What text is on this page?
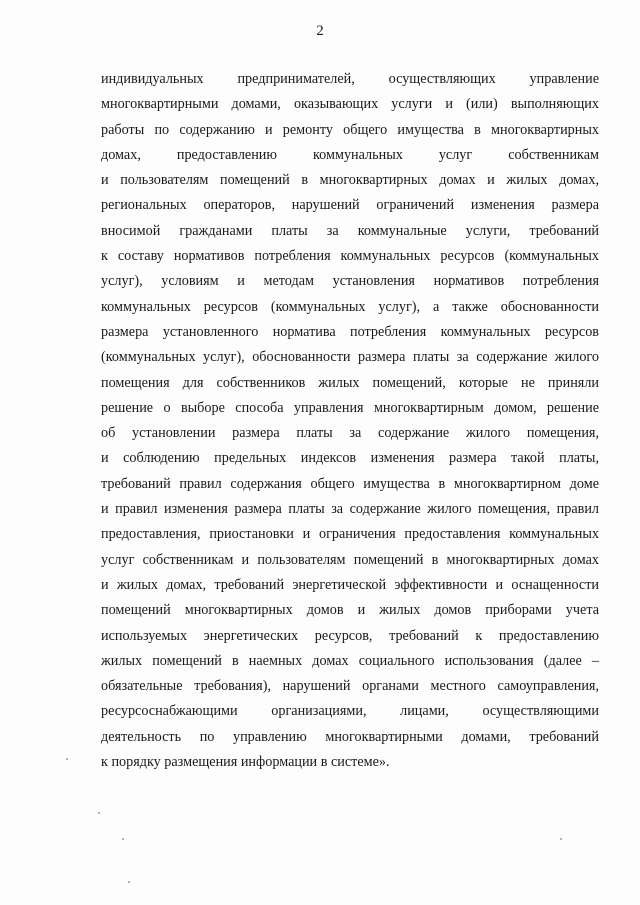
2

индивидуальных предпринимателей, осуществляющих управление
многоквартирными домами, оказывающих услуги и (или) выполняющих
работы по содержанию и ремонту общего имущества в многоквартирных
домах, предоставлению коммунальных услуг собственникам
и пользователям помещений в многоквартирных домах и жилых домах,
региональных операторов, нарушений ограничений изменения размера
вносимой гражданами платы за коммунальные услуги, требований
к составу нормативов потребления коммунальных ресурсов (коммунальных
услуг), условиям и методам установления нормативов потребления
коммунальных ресурсов (коммунальных услуг), а также обоснованности
размера установленного норматива потребления коммунальных ресурсов
(коммунальных услуг), обоснованности размера платы за содержание жилого
помещения для собственников жилых помещений, которые не приняли
решение о выборе способа управления многоквартирным домом, решение
об установлении размера платы за содержание жилого помещения,
и соблюдению предельных индексов изменения размера такой платы,
требований правил содержания общего имущества в многоквартирном доме
и правил изменения размера платы за содержание жилого помещения, правил
предоставления, приостановки и ограничения предоставления коммунальных
услуг собственникам и пользователям помещений в многоквартирных домах
и жилых домах, требований энергетической эффективности и оснащенности
помещений многоквартирных домов и жилых домов приборами учета
используемых энергетических ресурсов, требований к предоставлению
жилых помещений в наемных домах социального использования (далее –
обязательные требования), нарушений органами местного самоуправления,
ресурсоснабжающими организациями, лицами, осуществляющими
деятельность по управлению многоквартирными домами, требований
к порядку размещения информации в системе».
